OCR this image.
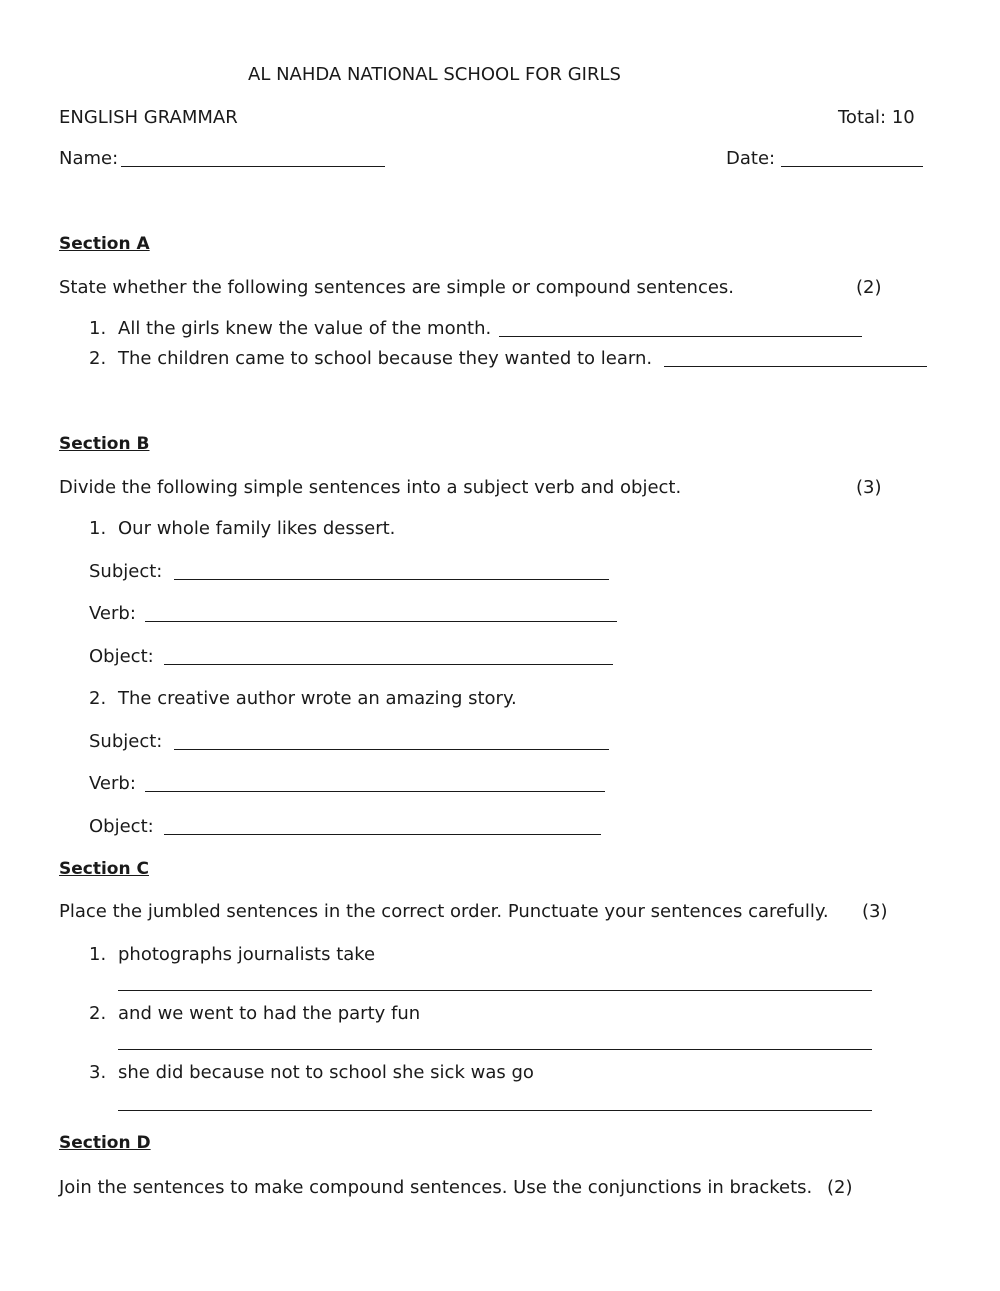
AL NAHDA NATIONAL SCHOOL FOR GIRLS
ENGLISH GRAMMAR	Total: 10
Name:	Date:
Section A
State whether the following sentences are simple or compound sentences.	(2)
1. All the girls knew the value of the month.
2. The children came to school because they wanted to learn.
Section B
Divide the following simple sentences into a subject verb and object.	(3)
1. Our whole family likes dessert.
Subject:
Verb:
Object:
2. The creative author wrote an amazing story.
Subject:
Verb:
Object:
Section C
Place the jumbled sentences in the correct order. Punctuate your sentences carefully. (3)
1. photographs journalists take
2. and we went to had the party fun
3. she did because not to school she sick was go
Section D
Join the sentences to make compound sentences. Use the conjunctions in brackets. (2)
